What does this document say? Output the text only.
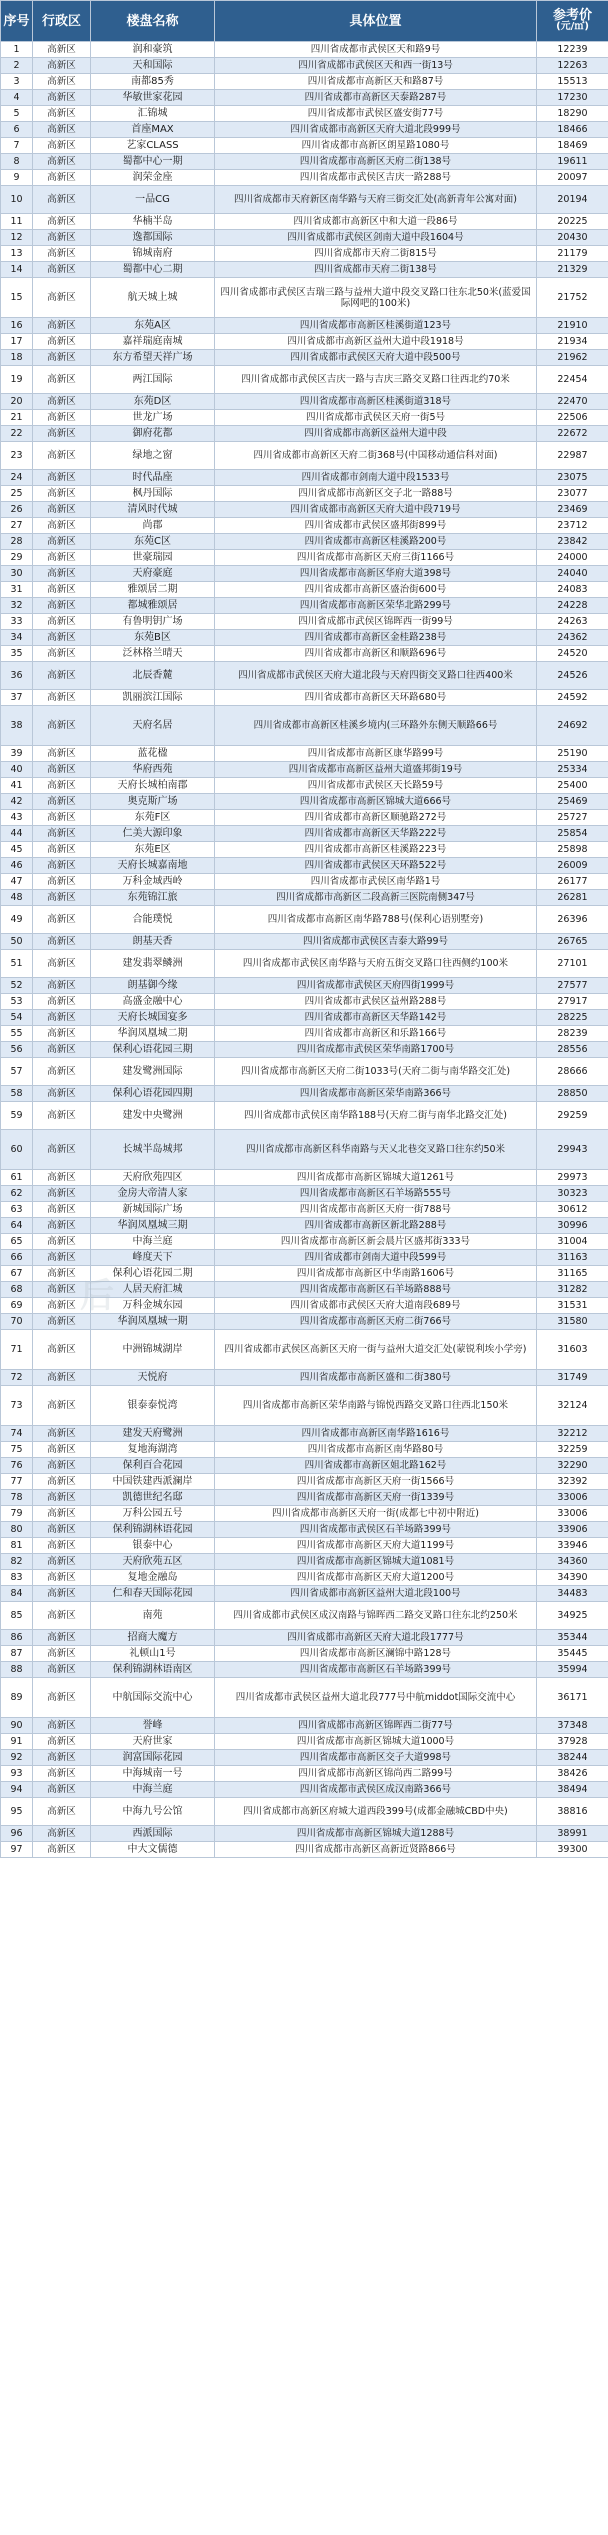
序号	行政区	楼盘名称	具体位置	参考价
(元/㎡)

1	高新区	润和豪筑	四川省成都市武侯区天和路9号	12239
2	高新区	天和国际	四川省成都市武侯区天和西一街13号	12263
3	高新区	南都85秀	四川省成都市高新区天和路87号	15513
4	高新区	华敏世家花园	四川省成都市高新区天泰路287号	17230
5	高新区	汇锦城	四川省成都市武侯区盛安街77号	18290
6	高新区	首座MAX	四川省成都市高新区天府大道北段999号	18466
7	高新区	艺家CLASS	四川省成都市高新区朗星路1080号	18469
8	高新区	蜀都中心一期	四川省成都市高新区天府二街138号	19611
9	高新区	润荣金座	四川省成都市武侯区吉庆一路288号	20097
10	高新区	一品CG	四川省成都市天府新区南华路与天府三街交汇处(高新青年公寓对面)	20194
11	高新区	华楠半岛	四川省成都市高新区中和大道一段86号	20225
12	高新区	逸都国际	四川省成都市武侯区剑南大道中段1604号	20430
13	高新区	锦城南府	四川省成都市天府二街815号	21179
14	高新区	蜀都中心二期	四川省成都市天府二街138号	21329
15	高新区	航天城上城	四川省成都市武侯区吉瑞三路与益州大道中段交叉路口往东北50米(蓝爱国际网吧的100米)	21752
16	高新区	东苑A区	四川省成都市高新区桂溪街道123号	21910
17	高新区	嘉祥瑞庭南城	四川省成都市高新区益州大道中段1918号	21934
18	高新区	东方希望天祥广场	四川省成都市武侯区天府大道中段500号	21962
19	高新区	两江国际	四川省成都市武侯区吉庆一路与吉庆三路交叉路口往西北约70米	22454
20	高新区	东苑D区	四川省成都市高新区桂溪街道318号	22470
21	高新区	世龙广场	四川省成都市武侯区天府一街5号	22506
22	高新区	御府花都	四川省成都市高新区益州大道中段	22672
23	高新区	绿地之窗	四川省成都市高新区天府二街368号(中国移动通信科对面)	22987
24	高新区	时代晶座	四川省成都市剑南大道中段1533号	23075
25	高新区	枫丹国际	四川省成都市高新区交子北一路88号	23077
26	高新区	清风时代城	四川省成都市高新区天府大道中段719号	23469
27	高新区	尚郡	四川省成都市武侯区盛邦街899号	23712
28	高新区	东苑C区	四川省成都市高新区桂溪路200号	23842
29	高新区	世豪瑞园	四川省成都市高新区天府三街1166号	24000
30	高新区	天府豪庭	四川省成都市高新区华府大道398号	24040
31	高新区	雅颂居二期	四川省成都市高新区盛治街600号	24083
32	高新区	都城雅颂居	四川省成都市高新区荣华北路299号	24228
33	高新区	有鲁明钥广场	四川省成都市武侯区锦晖西一街99号	24263
34	高新区	东苑B区	四川省成都市高新区金桂路238号	24362
35	高新区	泛林格兰晴天	四川省成都市高新区和顺路696号	24520
36	高新区	北辰香麓	四川省成都市武侯区天府大道北段与天府四街交叉路口往西400米	24526
37	高新区	凯丽滨江国际	四川省成都市高新区天环路680号	24592
38	高新区	天府名居	四川省成都市高新区桂溪乡境内(三环路外东侧天顺路66号	24692
39	高新区	蓝花楹	四川省成都市高新区康华路99号	25190
40	高新区	华府西苑	四川省成都市高新区益州大道盛邦街19号	25334
41	高新区	天府长城柏南郡	四川省成都市武侯区天长路59号	25400
42	高新区	奥克斯广场	四川省成都市高新区锦城大道666号	25469
43	高新区	东苑F区	四川省成都市高新区顺驰路272号	25727
44	高新区	仁美大源印象	四川省成都市高新区天华路222号	25854
45	高新区	东苑E区	四川省成都市高新区桂溪路223号	25898
46	高新区	天府长城嘉南地	四川省成都市武侯区天环路522号	26009
47	高新区	万科金域西岭	四川省成都市武侯区南华路1号	26177
48	高新区	东苑锦江旅	四川省成都市高新区二段高新三医院南侧347号	26281
49	高新区	合能璞悦	四川省成都市高新区南华路788号(保利心语别墅旁)	26396
50	高新区	朗基天香	四川省成都市武侯区吉泰大路99号	26765
51	高新区	建发翡翠鳞洲	四川省成都市武侯区南华路与天府五街交叉路口往西侧约100米	27101
52	高新区	朗基御今缘	四川省成都市武侯区天府四街1999号	27577
53	高新区	高盛金融中心	四川省成都市武侯区益州路288号	27917
54	高新区	天府长城国宴多	四川省成都市高新区天华路142号	28225
55	高新区	华润凤凰城二期	四川省成都市高新区和乐路166号	28239
56	高新区	保利心语花园三期	四川省成都市武侯区荣华南路1700号	28556
57	高新区	建发鹭洲国际	四川省成都市高新区天府二街1033号(天府二街与南华路交汇处)	28666
58	高新区	保利心语花园四期	四川省成都市高新区荣华南路366号	28850
59	高新区	建发中央鹭洲	四川省成都市武侯区南华路188号(天府二街与南华北路交汇处)	29259
60	高新区	长城半岛城邦	四川省成都市高新区科华南路与天乂北巷交叉路口往东约50米	29943
61	高新区	天府欣苑四区	四川省成都市高新区锦城大道1261号	29973
62	高新区	金房大帝清人家	四川省成都市高新区石羊场路555号	30323
63	高新区	新城国际广场	四川省成都市高新区天府一街788号	30612
64	高新区	华润凤凰城三期	四川省成都市高新区新北路288号	30996
65	高新区	中海兰庭	四川省成都市高新区新会晨片区盛邦街333号	31004
66	高新区	峰度天下	四川省成都市剑南大道中段599号	31163
67	高新区	保利心语花园二期	四川省成都市高新区中华南路1606号	31165
68	高新区	人居天府汇城	四川省成都市高新区石羊场路888号	31282
69	高新区	万科金城东园	四川省成都市武侯区天府大道南段689号	31531
70	高新区	华润凤凰城一期	四川省成都市高新区天府二街766号	31580
71	高新区	中洲锦城湖岸	四川省成都市武侯区高新区天府一街与益州大道交汇处(蒙锐利埃小学旁)	31603
72	高新区	天悦府	四川省成都市高新区盛和二街380号	31749
73	高新区	银泰泰悦湾	四川省成都市高新区荣华南路与锦悦西路交叉路口往西北150米	32124
74	高新区	建发天府鹭洲	四川省成都市高新区南华路1616号	32212
75	高新区	复地海湖湾	四川省成都市高新区南华路80号	32259
76	高新区	保利百合花园	四川省成都市高新区姐北路162号	32290
77	高新区	中国铁建西派澜岸	四川省成都市高新区天府一街1566号	32392
78	高新区	凯德世纪名邸	四川省成都市高新区天府一街1339号	33006
79	高新区	万科公园五号	四川省成都市高新区天府一街(成都七中初中附近)	33006
80	高新区	保利锦湖林语花园	四川省成都市武侯区石羊场路399号	33906
81	高新区	银泰中心	四川省成都市高新区天府大道1199号	33946
82	高新区	天府欣苑五区	四川省成都市高新区锦城大道1081号	34360
83	高新区	复地金融岛	四川省成都市高新区天府大道1200号	34390
84	高新区	仁和春天国际花园	四川省成都市高新区益州大道北段100号	34483
85	高新区	南苑	四川省成都市武侯区成汉南路与锦晖西二路交叉路口往东北约250米	34925
86	高新区	招商大魔方	四川省成都市高新区天府大道北段1777号	35344
87	高新区	礼顿山1号	四川省成都市高新区澜锦中路128号	35445
88	高新区	保利锦湖林语南区	四川省成都市高新区石羊场路399号	35994
89	高新区	中航国际交流中心	四川省成都市武侯区益州大道北段777号中航middot国际交流中心	36171
90	高新区	誉峰	四川省成都市高新区锦晖西二街77号	37348
91	高新区	天府世家	四川省成都市高新区锦城大道1000号	37928
92	高新区	润富国际花园	四川省成都市高新区交子大道998号	38244
93	高新区	中海城南一号	四川省成都市高新区锦尚西二路99号	38426
94	高新区	中海兰庭	四川省成都市武侯区成汉南路366号	38494
95	高新区	中海九号公馆	四川省成都市高新区府城大道西段399号(成都金融城CBD中央)	38816
96	高新区	西派国际	四川省成都市高新区锦城大道1288号	38991
97	高新区	中大文儒德	四川省成都市高新区高新近贤路866号	39300
后
